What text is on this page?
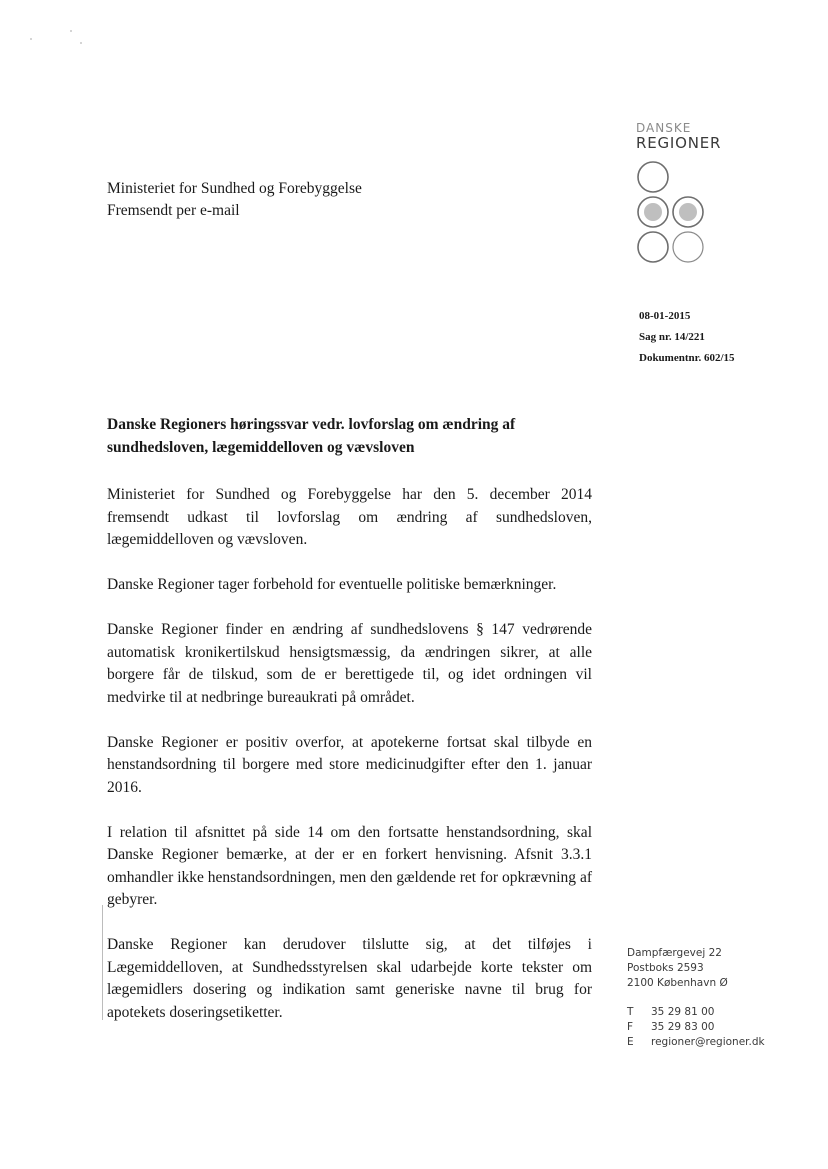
DANSKE
REGIONER
Ministeriet for Sundhed og Forebyggelse
Fremsendt per e-mail
08-01-2015
Sag nr. 14/221
Dokumentnr. 602/15
Danske Regioners høringssvar vedr. lovforslag om ændring af sundhedsloven, lægemiddelloven og vævsloven

Ministeriet for Sundhed og Forebyggelse har den 5. december 2014 fremsendt udkast til lovforslag om ændring af sundhedsloven, lægemiddelloven og vævsloven.

Danske Regioner tager forbehold for eventuelle politiske bemærkninger.

Danske Regioner finder en ændring af sundhedslovens § 147 vedrørende automatisk kronikertilskud hensigtsmæssig, da ændringen sikrer, at alle borgere får de tilskud, som de er berettigede til, og idet ordningen vil medvirke til at nedbringe bureaukrati på området.

Danske Regioner er positiv overfor, at apotekerne fortsat skal tilbyde en henstandsordning til borgere med store medicinudgifter efter den 1. januar 2016.

I relation til afsnittet på side 14 om den fortsatte henstandsordning, skal Danske Regioner bemærke, at der er en forkert henvisning. Afsnit 3.3.1 omhandler ikke henstandsordningen, men den gældende ret for opkrævning af gebyrer.

Danske Regioner kan derudover tilslutte sig, at det tilføjes i Lægemiddelloven, at Sundhedsstyrelsen skal udarbejde korte tekster om lægemidlers dosering og indikation samt generiske navne til brug for apotekets doseringsetiketter.

Dampfærgevej 22
Postboks 2593
2100 København Ø
T	35 29 81 00
F	35 29 83 00
E	regioner@regioner.dk
